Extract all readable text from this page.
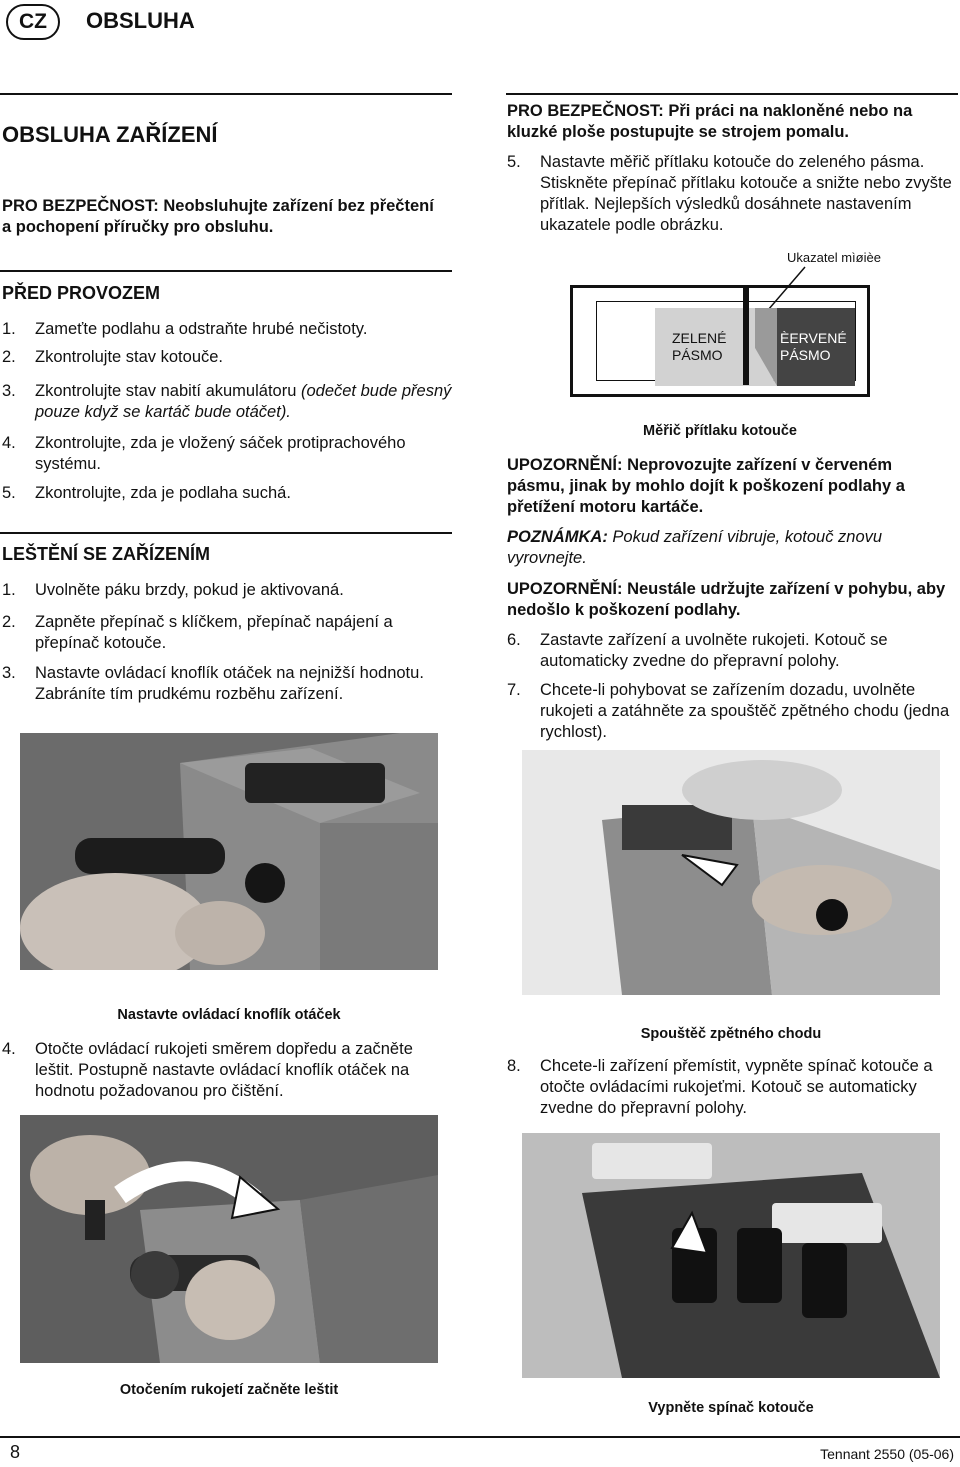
CZ OBSLUHA
OBSLUHA ZAŘÍZENÍ
PRO BEZPEČNOST: Neobsluhujte zařízení bez přečtení a pochopení příručky pro obsluhu.
PŘED PROVOZEM
1.	Zameťte podlahu a odstraňte hrubé nečistoty.
2.	Zkontrolujte stav kotouče.
3.	Zkontrolujte stav nabití akumulátoru (odečet bude přesný pouze když se kartáč bude otáčet).
4.	Zkontrolujte, zda je vložený sáček protiprachového systému.
5.	Zkontrolujte, zda je podlaha suchá.
LEŠTĚNÍ SE ZAŘÍZENÍM
1.	Uvolněte páku brzdy, pokud je aktivovaná.
2.	Zapněte přepínač s klíčkem, přepínač napájení a přepínač kotouče.
3.	Nastavte ovládací knoflík otáček na nejnižší hodnotu. Zabráníte tím prudkému rozběhu zařízení.
Nastavte ovládací knoflík otáček
4.	Otočte ovládací rukojeti směrem dopředu a začněte leštit. Postupně nastavte ovládací knoflík otáček na hodnotu požadovanou pro čištění.
Otočením rukojetí začněte leštit
PRO BEZPEČNOST: Při práci na nakloněné nebo na kluzké ploše postupujte se strojem pomalu.
5.	Nastavte měřič přítlaku kotouče do zeleného pásma. Stiskněte přepínač přítlaku kotouče a snižte nebo zvyšte přítlak. Nejlepších výsledků dosáhnete nastavením ukazatele podle obrázku.
Ukazatel mìøièe
ZELENÉ PÁSMO
ÈERVENÉ PÁSMO
Měřič přítlaku kotouče
UPOZORNĚNÍ: Neprovozujte zařízení v červeném pásmu, jinak by mohlo dojít k poškození podlahy a přetížení motoru kartáče.
POZNÁMKA: Pokud zařízení vibruje, kotouč znovu vyrovnejte.
UPOZORNĚNÍ: Neustále udržujte zařízení v pohybu, aby nedošlo k poškození podlahy.
6.	Zastavte zařízení a uvolněte rukojeti. Kotouč se automaticky zvedne do přepravní polohy.
7.	Chcete-li pohybovat se zařízením dozadu, uvolněte rukojeti a zatáhněte za spouštěč zpětného chodu (jedna rychlost).
Spouštěč zpětného chodu
8.	Chcete-li zařízení přemístit, vypněte spínač kotouče a otočte ovládacími rukojeťmi. Kotouč se automaticky zvedne do přepravní polohy.
Vypněte spínač kotouče
8	Tennant 2550 (05-06)
